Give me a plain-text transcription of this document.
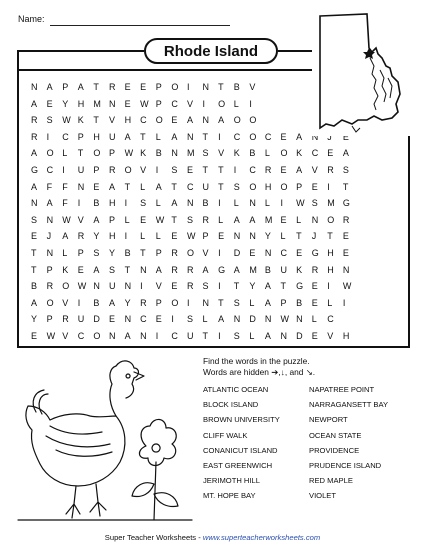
Name:
Rhode Island
N A P A T R E E P O I N T B V
A E Y H M N E W P C V I O L I
R S W K T V H C O E A N A O O
R I C P H U A T L A N T I C O C E A N J E
A O L T O P W K B N M S V K B L O K C E A
G C I U P R O V I S E T T I C R E A V R S
A F F N E A T L A T C U T S O H O P E I T
N A F I B H I S L A N B I L N L I W S M G
S N W V A P L E W T S R L A A M E L N O R
E J A R Y H I L L E W P E N N Y L T J T E
T N L P S Y B T P R O V I D E N C E G H E
T P K E A S T N A R R A G A M B U K R H N
B R O W N U N I V E R S I T Y A T G E I W
A O V I B A Y R P O I N T S L A P B E L I
Y P R U D E N C E I S L A N D N W N L C
E W V C O N A N I C U T I S L A N D E V H
Find the words in the puzzle.
Words are hidden ➔,↓, and ↘.
ATLANTIC OCEAN
BLOCK ISLAND
BROWN UNIVERSITY
CLIFF WALK
CONANICUT ISLAND
EAST GREENWICH
JERIMOTH HILL
MT. HOPE BAY
NAPATREE POINT
NARRAGANSETT BAY
NEWPORT
OCEAN STATE
PROVIDENCE
PRUDENCE ISLAND
RED MAPLE
VIOLET
Super Teacher Worksheets - www.superteacherworksheets.com
